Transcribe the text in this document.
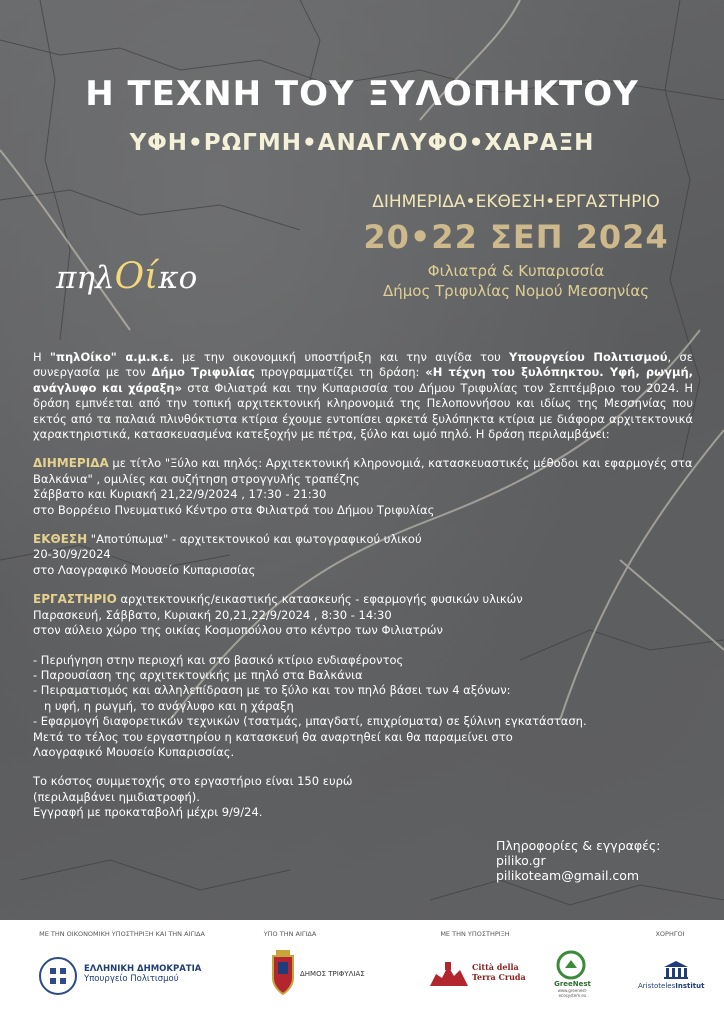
Η ΤΕΧΝΗ ΤΟΥ ΞΥΛΟΠΗΚΤΟΥ
ΥΦΗ•ΡΩΓΜΗ•ΑΝΑΓΛΥΦΟ•ΧΑΡΑΞΗ
πηλΟίκο

ΔΙΗΜΕΡΙΔΑ•ΕΚΘΕΣΗ•ΕΡΓΑΣΤΗΡΙΟ

20•22 ΣΕΠ 2024

Φιλιατρά & Κυπαρισσία

Δήμος Τριφυλίας Νομού Μεσσηνίας

Η "πηλΟίκο" α.μ.κ.ε. με την οικονομική υποστήριξη και την αιγίδα του Υπουργείου Πολιτισμού, σε συνεργασία με τον Δήμο Τριφυλίας προγραμματίζει τη δράση: «Η τέχνη του ξυλόπηκτου. Υφή, ρωγμή, ανάγλυφο και χάραξη» στα Φιλιατρά και την Κυπαρισσία του Δήμου Τριφυλίας τον Σεπτέμβριο του 2024. Η δράση εμπνέεται από την τοπική αρχιτεκτονική κληρονομιά της Πελοποννήσου και ιδίως της Μεσσηνίας που εκτός από τα παλαιά πλινθόκτιστα κτίρια έχουμε εντοπίσει αρκετά ξυλόπηκτα κτίρια με διάφορα αρχιτεκτονικά χαρακτηριστικά, κατασκευασμένα κατεξοχήν με πέτρα, ξύλο και ωμό πηλό. Η δράση περιλαμβάνει:

ΔΙΗΜΕΡΙΔΑ με τίτλο "Ξύλο και πηλός: Αρχιτεκτονική κληρονομιά, κατασκευαστικές μέθοδοι και εφαρμογές στα Βαλκάνια" , ομιλίες και συζήτηση στρογγυλής τραπέζης

Σάββατο και Κυριακή 21,22/9/2024 , 17:30 - 21:30

στο Βορρέειο Πνευματικό Κέντρο στα Φιλιατρά του Δήμου Τριφυλίας

ΕΚΘΕΣΗ "Αποτύπωμα" - αρχιτεκτονικού και φωτογραφικού υλικού

20-30/9/2024

στο Λαογραφικό Μουσείο Κυπαρισσίας

ΕΡΓΑΣΤΗΡΙΟ αρχιτεκτονικής/εικαστικής κατασκευής - εφαρμογής φυσικών υλικών

Παρασκευή, Σάββατο, Κυριακή 20,21,22/9/2024 , 8:30 - 14:30

στον αύλειο χώρο της οικίας Κοσμοπούλου στο κέντρο των Φιλιατρών

- Περιήγηση στην περιοχή και στο βασικό κτίριο ενδιαφέροντος

- Παρουσίαση της αρχιτεκτονικής με πηλό στα Βαλκάνια

- Πειραματισμός και αλληλεπίδραση με το ξύλο και τον πηλό βάσει των 4 αξόνων:

η υφή, η ρωγμή, το ανάγλυφο και η χάραξη

- Εφαρμογή διαφορετικών τεχνικών (τσατμάς, μπαγδατί, επιχρίσματα) σε ξύλινη εγκατάσταση.

Μετά το τέλος του εργαστηρίου η κατασκευή θα αναρτηθεί και θα παραμείνει στο Λαογραφικό Μουσείο Κυπαρισσίας.

Το κόστος συμμετοχής στο εργαστήριο είναι 150 ευρώ

(περιλαμβάνει ημιδιατροφή).

Εγγραφή με προκαταβολή μέχρι 9/9/24.

Πληροφορίες & εγγραφές:

piliko.gr

pilikoteam@gmail.com

ΜΕ ΤΗΝ ΟΙΚΟΝΟΜΙΚΗ ΥΠΟΣΤΗΡΙΞΗ ΚΑΙ ΤΗΝ ΑΙΓΙΔΑ	ΥΠΟ ΤΗΝ ΑΙΓΙΔΑ	ΜΕ ΤΗΝ ΥΠΟΣΤΗΡΙΞΗ	ΧΟΡΗΓΟΙ
ΕΛΛΗΝΙΚΗ ΔΗΜΟΚΡΑΤΙΑ
Υπουργείο Πολιτισμού	ΔΗΜΟΣ ΤΡΙΦΥΛΙΑΣ
Città della
Terra Cruda
GreeNest
www.greenest-ecosystem.eu
AristotelesInstitut
